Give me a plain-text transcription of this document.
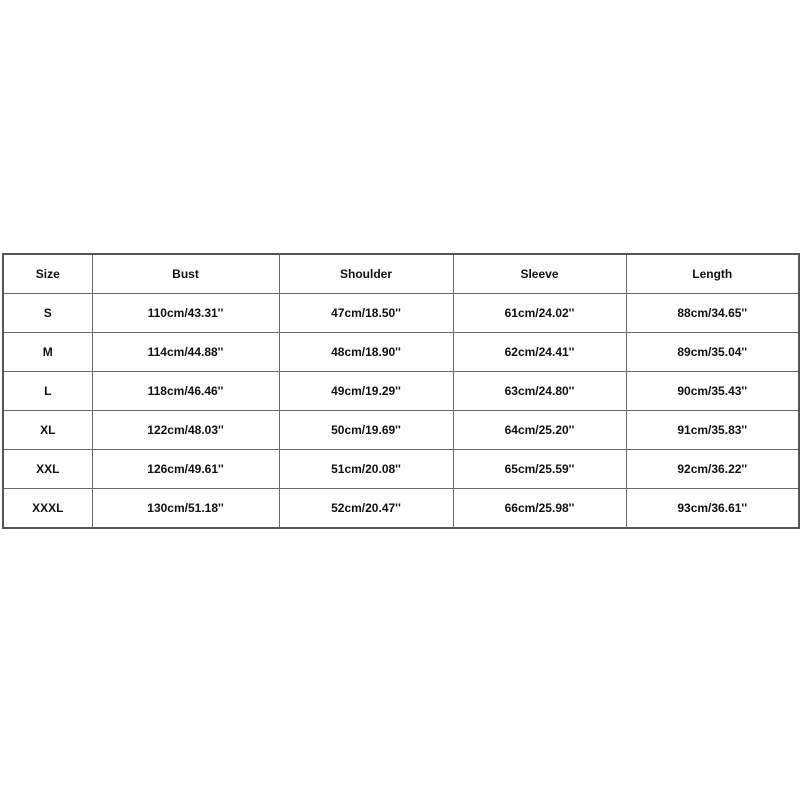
Size	Bust	Shoulder	Sleeve	Length
S	110cm/43.31''	47cm/18.50''	61cm/24.02''	88cm/34.65''
M	114cm/44.88''	48cm/18.90''	62cm/24.41''	89cm/35.04''
L	118cm/46.46''	49cm/19.29''	63cm/24.80''	90cm/35.43''
XL	122cm/48.03''	50cm/19.69''	64cm/25.20''	91cm/35.83''
XXL	126cm/49.61''	51cm/20.08''	65cm/25.59''	92cm/36.22''
XXXL	130cm/51.18''	52cm/20.47''	66cm/25.98''	93cm/36.61''
